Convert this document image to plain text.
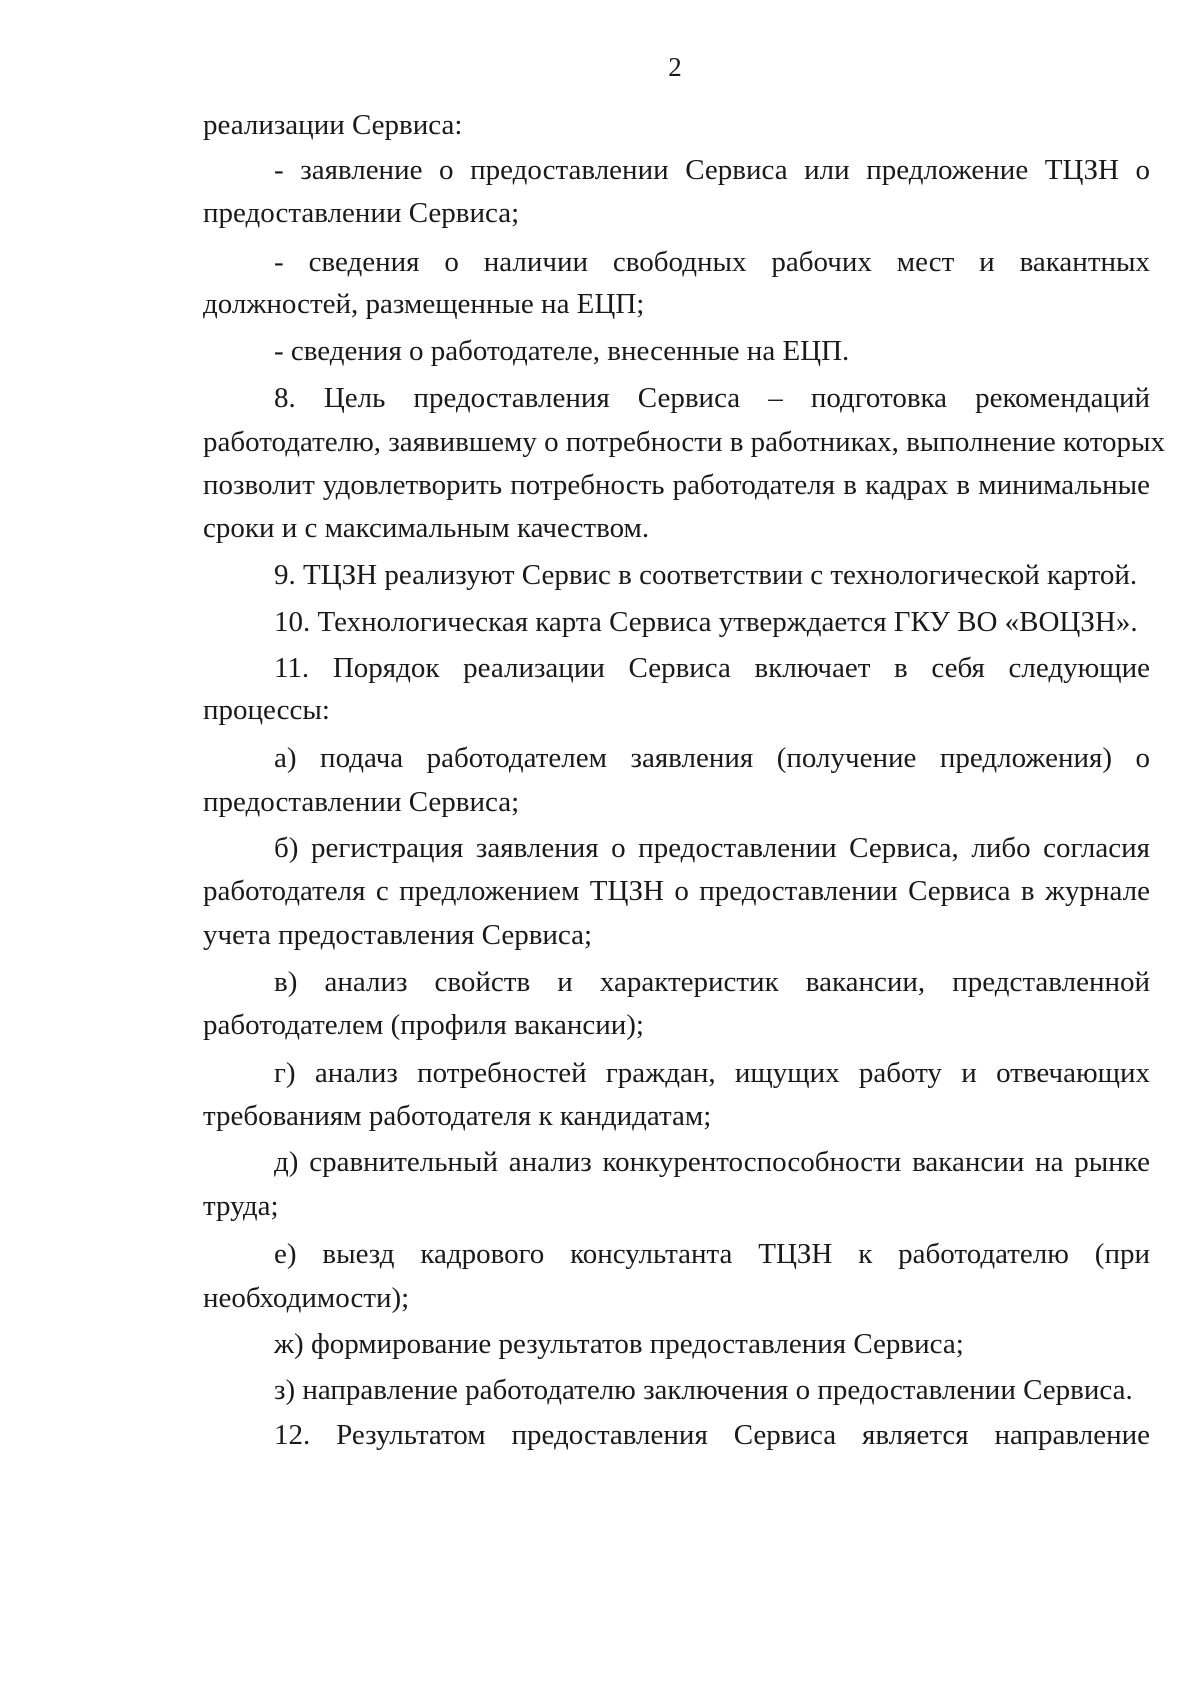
2
реализации Сервиса:
- заявление о предоставлении Сервиса или предложение ТЦЗН о
предоставлении Сервиса;
- сведения о наличии свободных рабочих мест и вакантных
должностей, размещенные на ЕЦП;
- сведения о работодателе, внесенные на ЕЦП.
8. Цель предоставления Сервиса – подготовка рекомендаций
работодателю, заявившему о потребности в работниках, выполнение которых
позволит удовлетворить потребность работодателя в кадрах в минимальные
сроки и с максимальным качеством.
9. ТЦЗН реализуют Сервис в соответствии с технологической картой.
10. Технологическая карта Сервиса утверждается ГКУ ВО «ВОЦЗН».
11. Порядок реализации Сервиса включает в себя следующие
процессы:
а) подача работодателем заявления (получение предложения) о
предоставлении Сервиса;
б) регистрация заявления о предоставлении Сервиса, либо согласия
работодателя с предложением ТЦЗН о предоставлении Сервиса в журнале
учета предоставления Сервиса;
в) анализ свойств и характеристик вакансии, представленной
работодателем (профиля вакансии);
г) анализ потребностей граждан, ищущих работу и отвечающих
требованиям работодателя к кандидатам;
д) сравнительный анализ конкурентоспособности вакансии на рынке
труда;
е) выезд кадрового консультанта ТЦЗН к работодателю (при
необходимости);
ж) формирование результатов предоставления Сервиса;
з) направление работодателю заключения о предоставлении Сервиса.
12. Результатом предоставления Сервиса является направление
